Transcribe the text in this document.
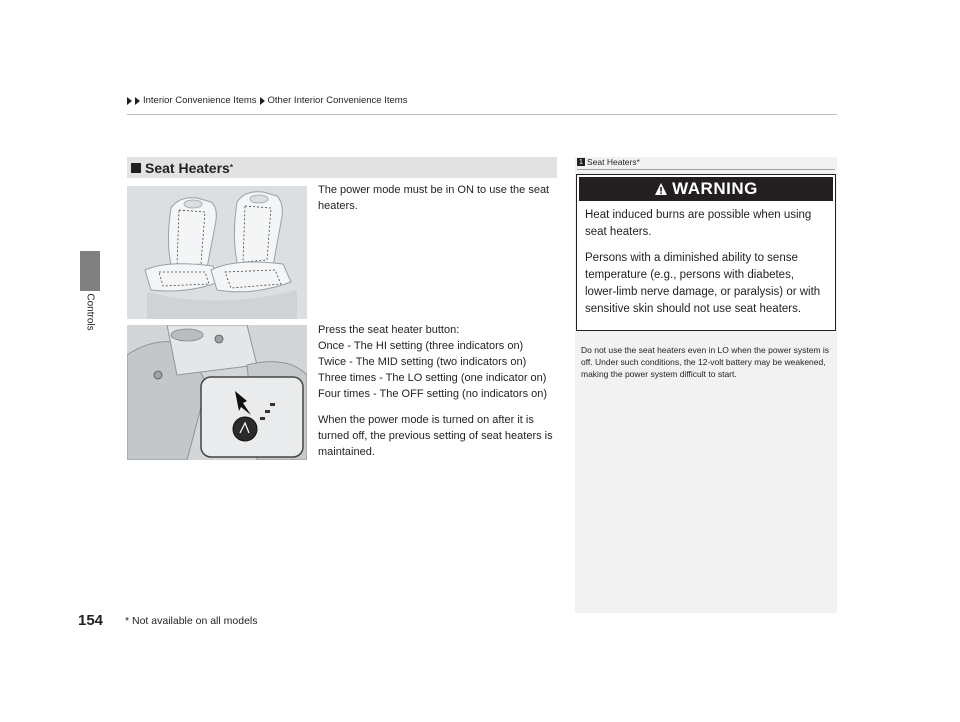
Interior Convenience Items Other Interior Convenience Items
Controls
Seat Heaters *
The power mode must be in ON to use the seat heaters.
Press the seat heater button:
Once - The HI setting (three indicators on)
Twice - The MID setting (two indicators on)
Three times - The LO setting (one indicator on)
Four times - The OFF setting (no indicators on)
When the power mode is turned on after it is turned off, the previous setting of seat heaters is maintained.
1 Seat Heaters *
WARNING

Heat induced burns are possible when using seat heaters.

Persons with a diminished ability to sense temperature (e.g., persons with diabetes, lower-limb nerve damage, or paralysis) or with sensitive skin should not use seat heaters.

Do not use the seat heaters even in LO when the power system is off. Under such conditions, the 12-volt battery may be weakened, making the power system difficult to start.
154 * Not available on all models
